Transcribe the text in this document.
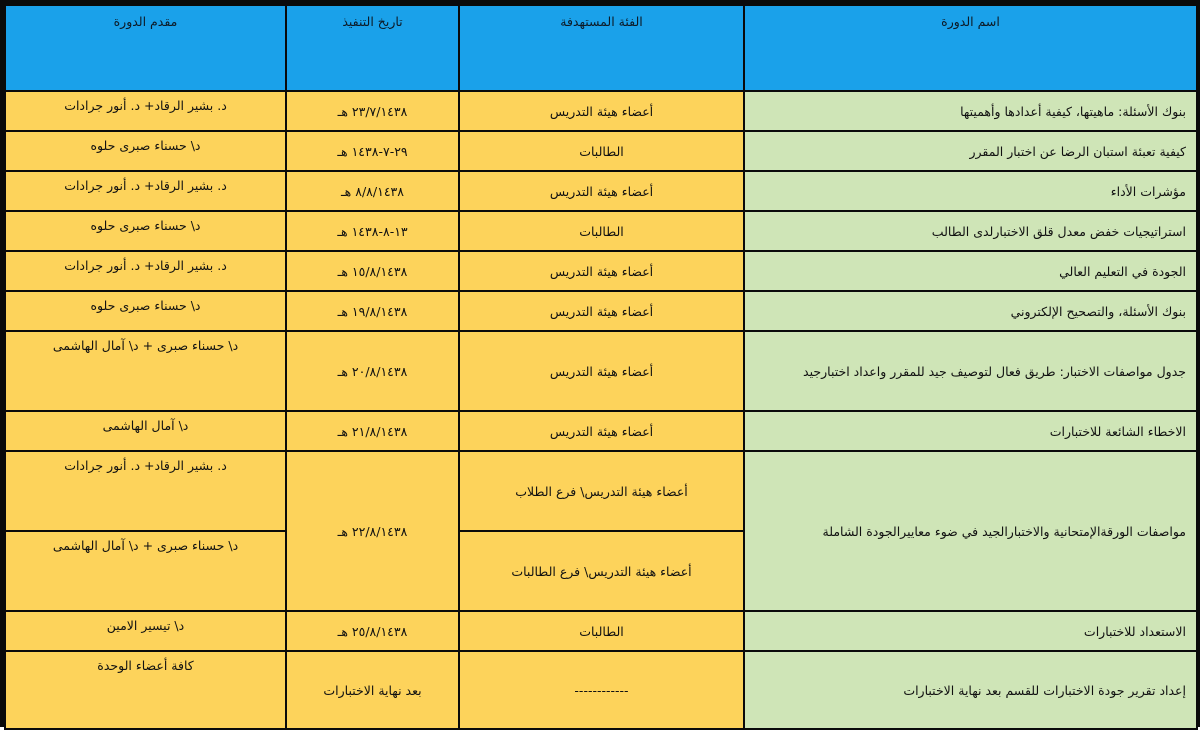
اسم الدورة	الفئة المستهدفة	تاريخ التنفيذ	مقدم الدورة
بنوك الأسئلة: ماهيتها، كيفية أعدادها وأهميتها	أعضاء هيئة التدريس	٢٣/٧/١٤٣٨ هـ	د. بشير الرقاد+ د. أنور جرادات
كيفية تعبئة استبان الرضا عن اختبار المقرر	الطالبات	٢٩-٧-١٤٣٨ هـ	د\ حسناء صبرى حلوه
مؤشرات الأداء	أعضاء هيئة التدريس	٨/٨/١٤٣٨ هـ	د. بشير الرقاد+ د. أنور جرادات
استراتيجيات خفض معدل قلق الاختبارلدى الطالب	الطالبات	١٣-٨-١٤٣٨ هـ	د\ حسناء صبرى حلوه
الجودة في التعليم العالي	أعضاء هيئة التدريس	١٥/٨/١٤٣٨ هـ	د. بشير الرقاد+ د. أنور جرادات
بنوك الأسئلة، والتصحيح الإلكتروني	أعضاء هيئة التدريس	١٩/٨/١٤٣٨ هـ	د\ حسناء صبرى حلوه
جدول مواصفات الاختبار: طريق فعال لتوصيف جيد للمقرر واعداد اختبارجيد	أعضاء هيئة التدريس	٢٠/٨/١٤٣٨ هـ	د\ حسناء صبرى + د\ آمال الهاشمى
الاخطاء الشائعة للاختبارات	أعضاء هيئة التدريس	٢١/٨/١٤٣٨ هـ	د\ آمال الهاشمى
مواصفات الورقةالإمتحانية والاختبارالجيد في ضوء معاييرالجودة الشاملة	أعضاء هيئة التدريس\ فرع الطلاب	٢٢/٨/١٤٣٨ هـ	د. بشير الرقاد+ د. أنور جرادات
	أعضاء هيئة التدريس\ فرع الطالبات		د\ حسناء صبرى + د\ آمال الهاشمى
الاستعداد للاختبارات	الطالبات	٢٥/٨/١٤٣٨ هـ	د\ تيسير الامين
إعداد تقرير جودة الاختبارات للقسم بعد نهاية الاختبارات	------------	بعد نهاية الاختبارات	كافة أعضاء الوحدة
